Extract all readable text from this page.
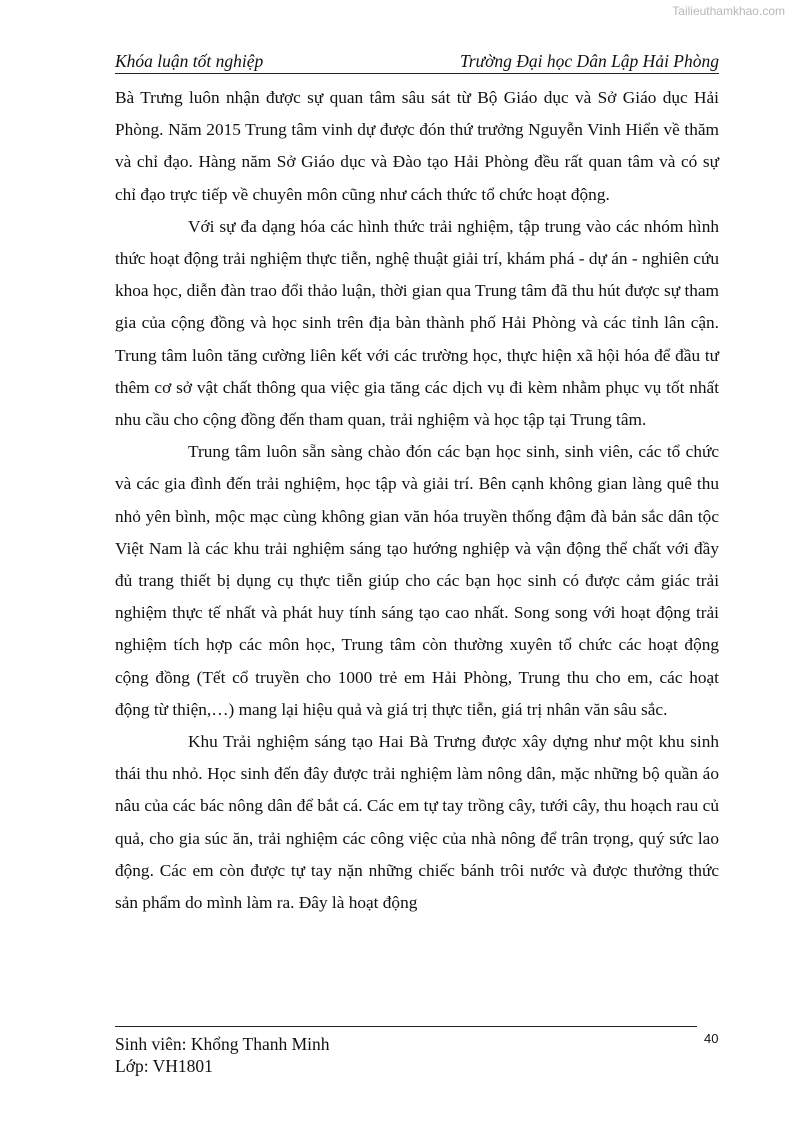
Tailieuthamkhao.com
Khóa luận tốt nghiệp	Trường Đại học Dân Lập Hải Phòng

Bà Trưng luôn nhận được sự quan tâm sâu sát từ Bộ Giáo dục và Sở Giáo dục Hải Phòng. Năm 2015 Trung tâm vinh dự được đón thứ trưởng Nguyễn Vinh Hiển về thăm và chỉ đạo. Hàng năm Sở Giáo dục và Đào tạo Hải Phòng đều rất quan tâm và có sự chỉ đạo trực tiếp về chuyên môn cũng như cách thức tổ chức hoạt động.

Với sự đa dạng hóa các hình thức trải nghiệm, tập trung vào các nhóm hình thức hoạt động trải nghiệm thực tiễn, nghệ thuật giải trí, khám phá - dự án - nghiên cứu khoa học, diễn đàn trao đổi thảo luận, thời gian qua Trung tâm đã thu hút được sự tham gia của cộng đồng và học sinh trên địa bàn thành phố Hải Phòng và các tỉnh lân cận. Trung tâm luôn tăng cường liên kết với các trường học, thực hiện xã hội hóa để đầu tư thêm cơ sở vật chất thông qua việc gia tăng các dịch vụ đi kèm nhằm phục vụ tốt nhất nhu cầu cho cộng đồng đến tham quan, trải nghiệm và học tập tại Trung tâm.

Trung tâm luôn sẵn sàng chào đón các bạn học sinh, sinh viên, các tổ chức và các gia đình đến trải nghiệm, học tập và giải trí. Bên cạnh không gian làng quê thu nhỏ yên bình, mộc mạc cùng không gian văn hóa truyền thống đậm đà bản sắc dân tộc Việt Nam là các khu trải nghiệm sáng tạo hướng nghiệp và vận động thể chất với đầy đủ trang thiết bị dụng cụ thực tiễn giúp cho các bạn học sinh có được cảm giác trải nghiệm thực tế nhất và phát huy tính sáng tạo cao nhất. Song song với hoạt động trải nghiệm tích hợp các môn học, Trung tâm còn thường xuyên tổ chức các hoạt động cộng đồng (Tết cổ truyền cho 1000 trẻ em Hải Phòng, Trung thu cho em, các hoạt động từ thiện,…) mang lại hiệu quả và giá trị thực tiễn, giá trị nhân văn sâu sắc.

Khu Trải nghiệm sáng tạo Hai Bà Trưng được xây dựng như một khu sinh thái thu nhỏ. Học sinh đến đây được trải nghiệm làm nông dân, mặc những bộ quần áo nâu của các bác nông dân để bắt cá. Các em tự tay trồng cây, tưới cây, thu hoạch rau củ quả, cho gia súc ăn, trải nghiệm các công việc của nhà nông để trân trọng, quý sức lao động. Các em còn được tự tay nặn những chiếc bánh trôi nước và được thưởng thức sản phẩm do mình làm ra. Đây là hoạt động

40
Sinh viên: Khổng Thanh Minh
Lớp: VH1801
